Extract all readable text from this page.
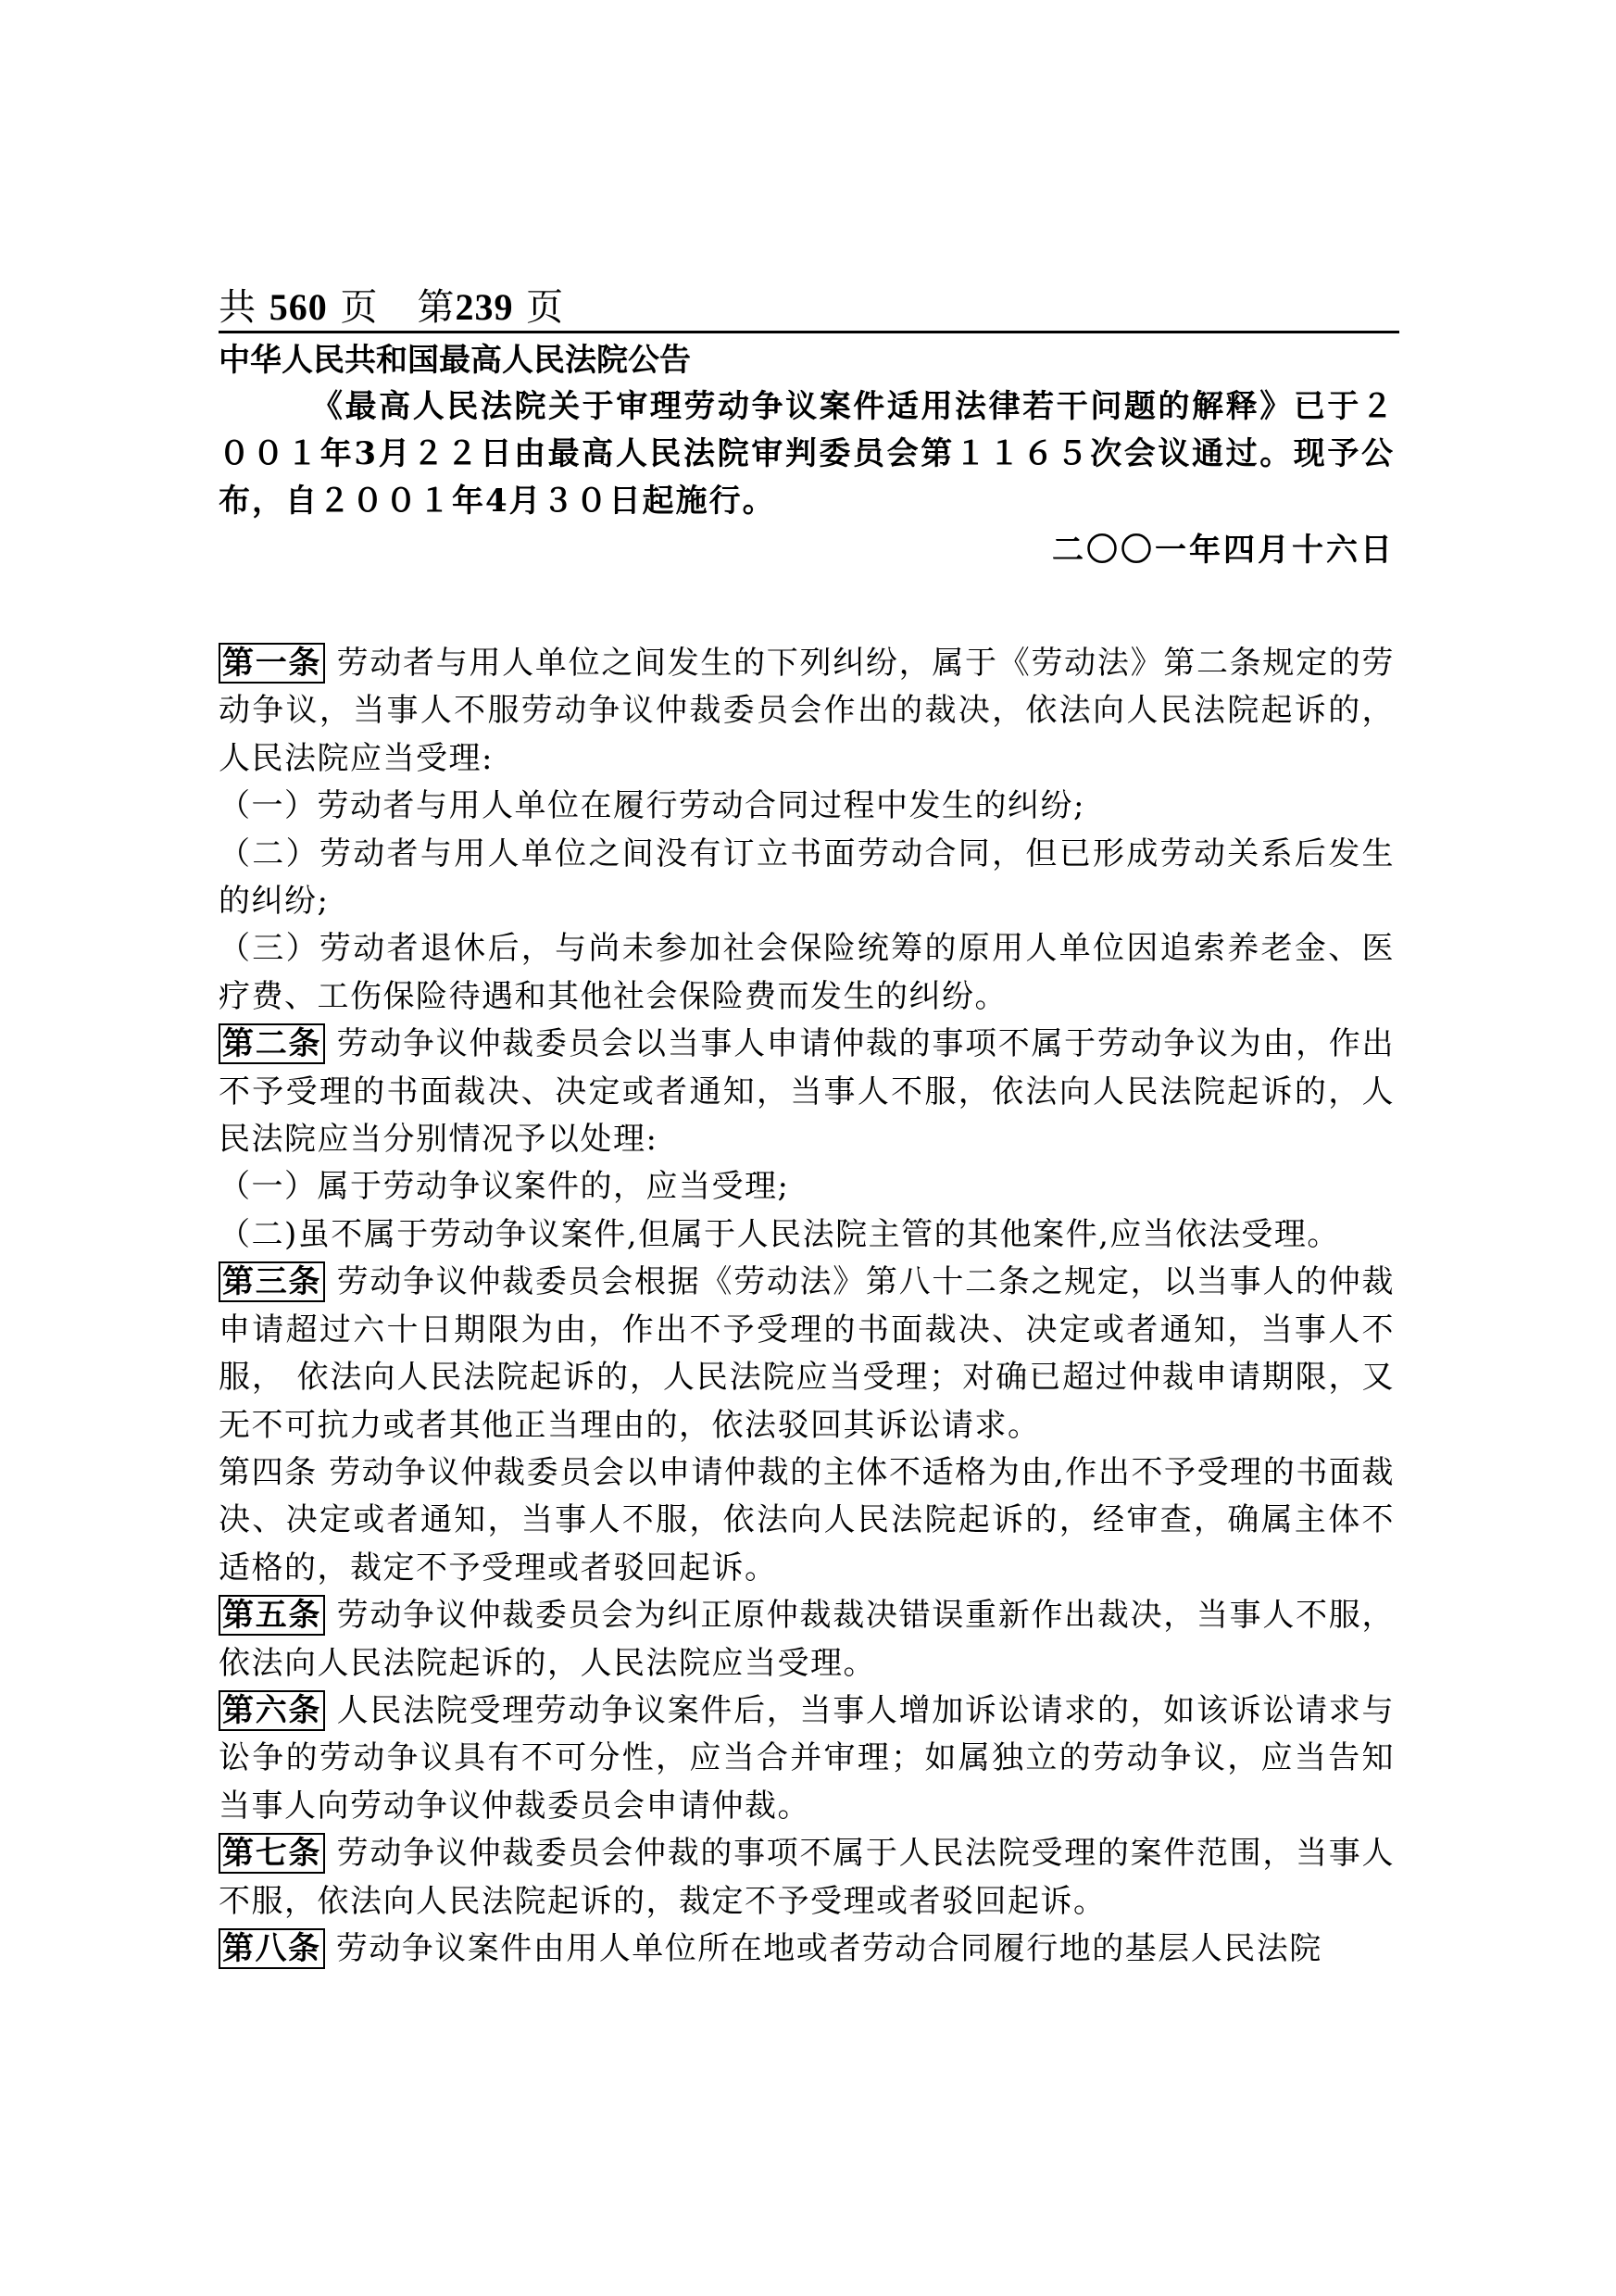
共 560 页 第239 页
中华人民共和国最高人民法院公告
《最高人民法院关于审理劳动争议案件适用法律若干问题的解释》已于２００１年3月２２日由最高人民法院审判委员会第１１６５次会议通过。现予公布，自２００１年4月３０日起施行。
二〇〇一年四月十六日

第一条 劳动者与用人单位之间发生的下列纠纷，属于《劳动法》第二条规定的劳动争议，当事人不服劳动争议仲裁委员会作出的裁决，依法向人民法院起诉的，人民法院应当受理:

（一）劳动者与用人单位在履行劳动合同过程中发生的纠纷;

（二）劳动者与用人单位之间没有订立书面劳动合同，但已形成劳动关系后发生的纠纷;

（三）劳动者退休后，与尚未参加社会保险统筹的原用人单位因追索养老金、医疗费、工伤保险待遇和其他社会保险费而发生的纠纷。

第二条 劳动争议仲裁委员会以当事人申请仲裁的事项不属于劳动争议为由，作出不予受理的书面裁决、决定或者通知，当事人不服，依法向人民法院起诉的，人民法院应当分别情况予以处理:

（一）属于劳动争议案件的，应当受理;

（二)虽不属于劳动争议案件,但属于人民法院主管的其他案件,应当依法受理。

第三条 劳动争议仲裁委员会根据《劳动法》第八十二条之规定，以当事人的仲裁申请超过六十日期限为由，作出不予受理的书面裁决、决定或者通知，当事人不服， 依法向人民法院起诉的，人民法院应当受理；对确已超过仲裁申请期限，又无不可抗力或者其他正当理由的，依法驳回其诉讼请求。

第四条 劳动争议仲裁委员会以申请仲裁的主体不适格为由,作出不予受理的书面裁决、决定或者通知，当事人不服，依法向人民法院起诉的，经审查，确属主体不适格的，裁定不予受理或者驳回起诉。

第五条 劳动争议仲裁委员会为纠正原仲裁裁决错误重新作出裁决，当事人不服，依法向人民法院起诉的，人民法院应当受理。

第六条 人民法院受理劳动争议案件后，当事人增加诉讼请求的，如该诉讼请求与讼争的劳动争议具有不可分性，应当合并审理；如属独立的劳动争议，应当告知当事人向劳动争议仲裁委员会申请仲裁。

第七条 劳动争议仲裁委员会仲裁的事项不属于人民法院受理的案件范围，当事人不服，依法向人民法院起诉的，裁定不予受理或者驳回起诉。

第八条 劳动争议案件由用人单位所在地或者劳动合同履行地的基层人民法院
